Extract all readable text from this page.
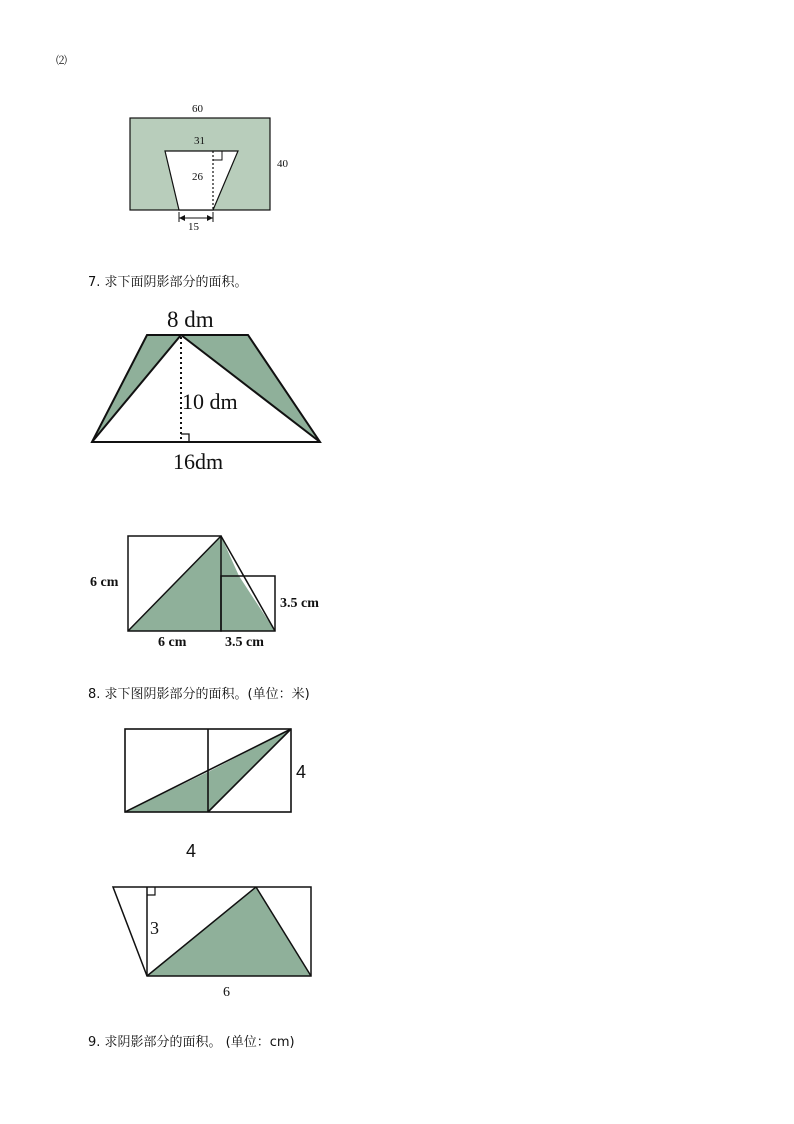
⑵
60
40
31
26
15
7. 求下面阴影部分的面积。
8 dm
10 dm
16dm
6 cm
6 cm	3.5 cm
3.5 cm
8. 求下图阴影部分的面积。(单位：米)
4
4
3
6
9. 求阴影部分的面积。 (单位：cm)
